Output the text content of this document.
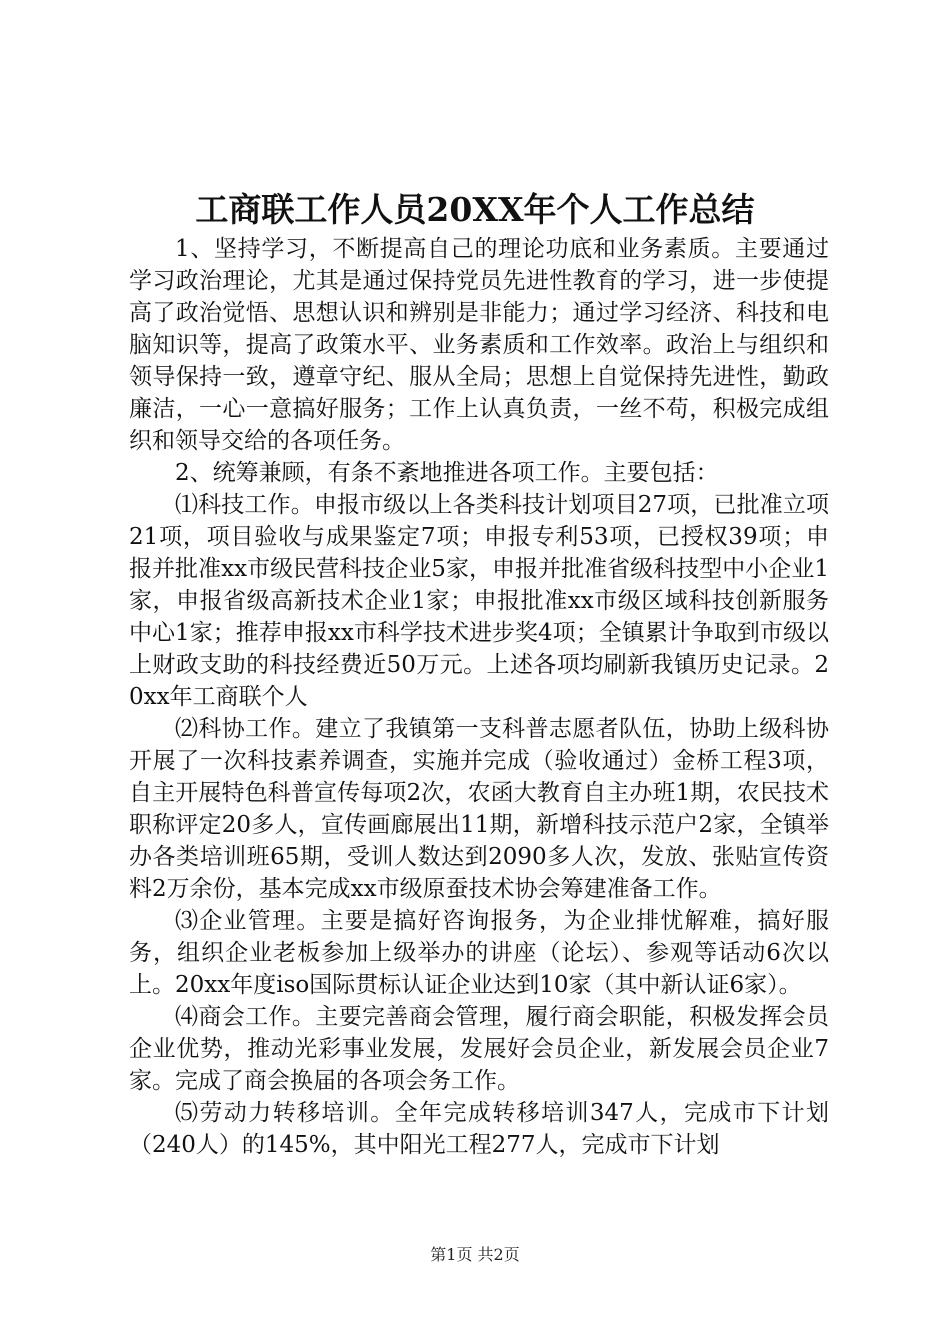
工商联工作人员20XX年个人工作总结

1、坚持学习，不断提高自己的理论功底和业务素质。主要通过学习政治理论，尤其是通过保持党员先进性教育的学习，进一步使提高了政治觉悟、思想认识和辨别是非能力；通过学习经济、科技和电脑知识等，提高了政策水平、业务素质和工作效率。政治上与组织和领导保持一致，遵章守纪、服从全局；思想上自觉保持先进性，勤政廉洁，一心一意搞好服务；工作上认真负责，一丝不苟，积极完成组织和领导交给的各项任务。

2、统筹兼顾，有条不紊地推进各项工作。主要包括：

⑴科技工作。申报市级以上各类科技计划项目27项，已批准立项21项，项目验收与成果鉴定7项；申报专利53项，已授权39项；申报并批准xx市级民营科技企业5家，申报并批准省级科技型中小企业1家，申报省级高新技术企业1家；申报批准xx市级区域科技创新服务中心1家；推荐申报xx市科学技术进步奖4项；全镇累计争取到市级以上财政支助的科技经费近50万元。上述各项均刷新我镇历史记录。20xx年工商联个人

⑵科协工作。建立了我镇第一支科普志愿者队伍，协助上级科协开展了一次科技素养调查，实施并完成（验收通过）金桥工程3项，自主开展特色科普宣传每项2次，农函大教育自主办班1期，农民技术职称评定20多人，宣传画廊展出11期，新增科技示范户2家，全镇举办各类培训班65期，受训人数达到2090多人次，发放、张贴宣传资料2万余份，基本完成xx市级原蚕技术协会筹建准备工作。

⑶企业管理。主要是搞好咨询报务，为企业排忧解难，搞好服务，组织企业老板参加上级举办的讲座（论坛）、参观等话动6次以上。20xx年度iso国际贯标认证企业达到10家（其中新认证6家）。

⑷商会工作。主要完善商会管理，履行商会职能，积极发挥会员企业优势，推动光彩事业发展，发展好会员企业，新发展会员企业7家。完成了商会换届的各项会务工作。

⑸劳动力转移培训。全年完成转移培训347人，完成市下计划（240人）的145%，其中阳光工程277人，完成市下计划

第1页 共2页
